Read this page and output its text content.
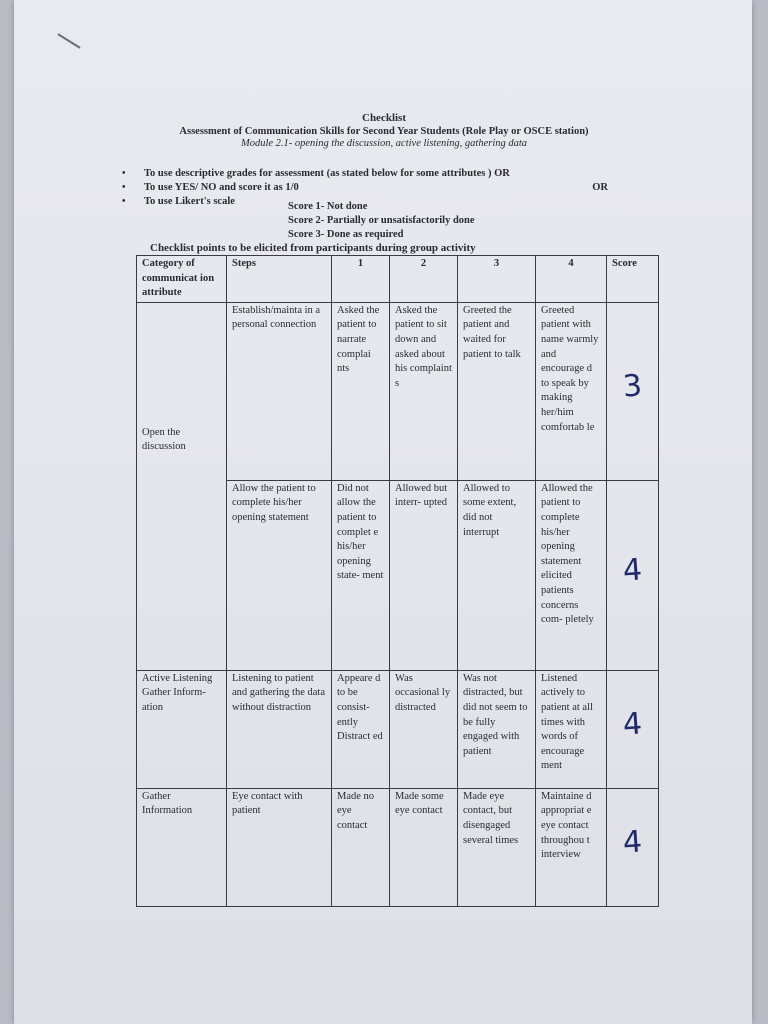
Checklist
Assessment of Communication Skills for Second Year Students (Role Play or OSCE station)
Module 2.1- opening the discussion, active listening, gathering data
•	To use descriptive grades for assessment (as stated below for some attributes ) OR
•	To use YES/ NO and score it as 1/0	OR
•	To use Likert's scale	Score 1- Not done
Score 2- Partially or unsatisfactorily done
Score 3- Done as required
Checklist points to be elicited from participants during group activity
Category of communicat ion attribute	Steps	1	2	3	4	Score

Open the discussion	Establish/mainta in a personal connection	Asked the patient to narrate complai nts	Asked the patient to sit down and asked about his complaint s	Greeted the patient and waited for patient to talk	Greeted patient with name warmly and encourage d to speak by making her/him comfortab le	3
	Allow the patient to complete his/her opening statement	Did not allow the patient to complet e his/her opening state- ment	Allowed but interr- upted	Allowed to some extent, did not interrupt	Allowed the patient to complete his/her opening statement elicited patients concerns com- pletely	4
Active Listening Gather Inform- ation	Listening to patient and gathering the data without distraction	Appeare d to be consist- ently Distract ed	Was occasional ly distracted	Was not distracted, but did not seem to be fully engaged with patient	Listened actively to patient at all times with words of encourage ment	4
Gather Information	Eye contact with patient	Made no eye contact	Made some eye contact	Made eye contact, but disengaged several times	Maintaine d appropriat e eye contact throughou t interview	4
